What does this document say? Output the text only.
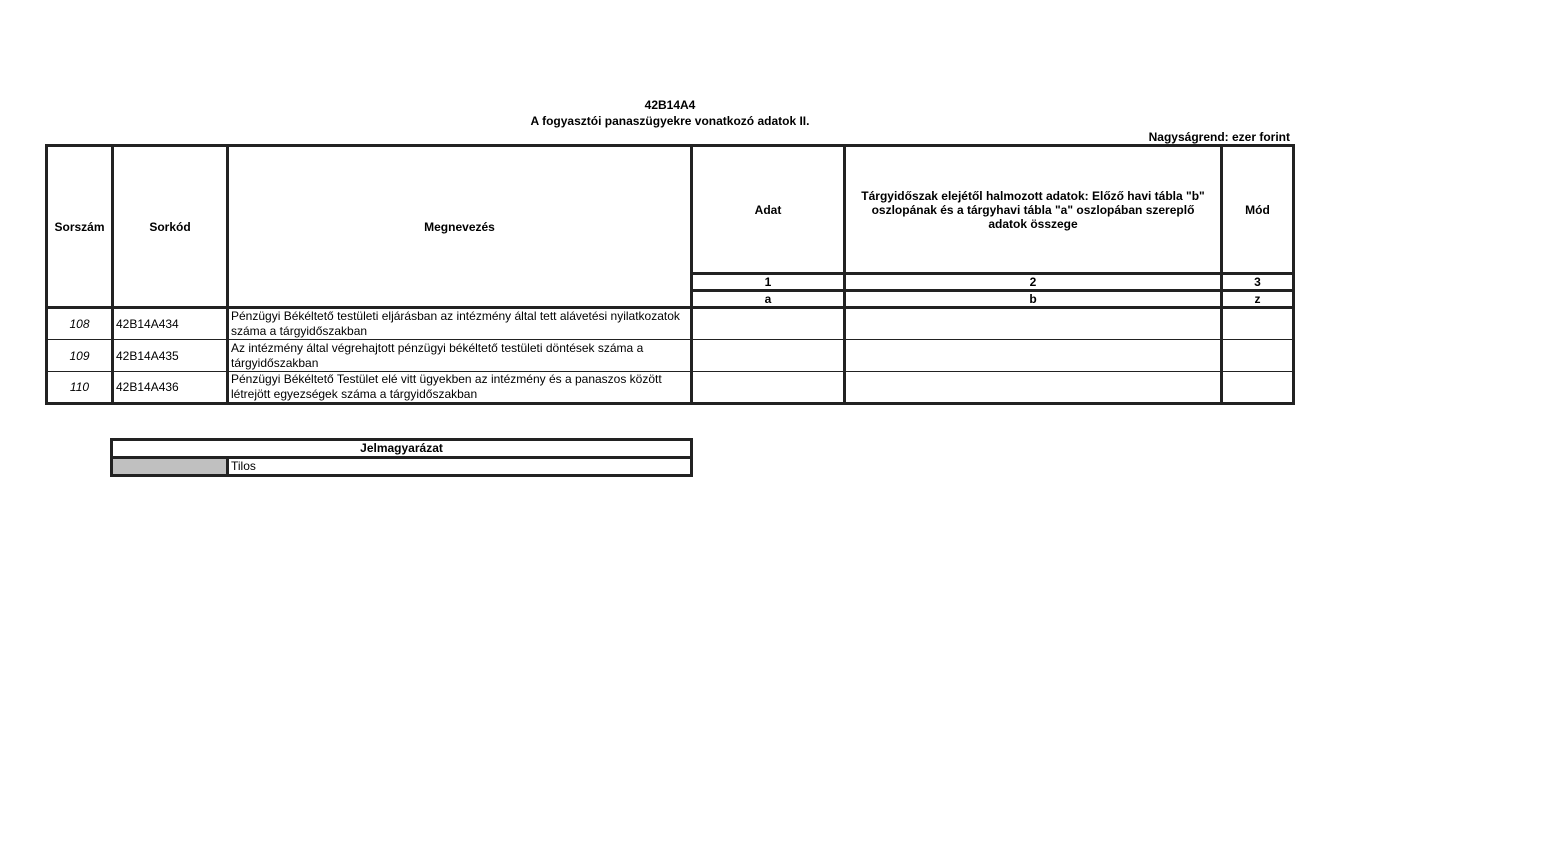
42B14A4
A fogyasztói panaszügyekre vonatkozó adatok II.
Nagyságrend: ezer forint
Sorszám	Sorkód	Megnevezés	Adat	Tárgyidőszak elejétől halmozott adatok: Előző havi tábla "b" oszlopának és a tárgyhavi tábla "a" oszlopában szereplő adatok összege	Mód
			1	2	3
			a	b	z
108	42B14A434	Pénzügyi Békéltető testületi eljárásban az intézmény által tett alávetési nyilatkozatok száma a tárgyidőszakban			
109	42B14A435	Az intézmény által végrehajtott pénzügyi békéltető testületi döntések száma a tárgyidőszakban			
110	42B14A436	Pénzügyi Békéltető Testület elé vitt ügyekben az intézmény és a panaszos között létrejött egyezségek száma a tárgyidőszakban			
Jelmagyarázat
	Tilos
